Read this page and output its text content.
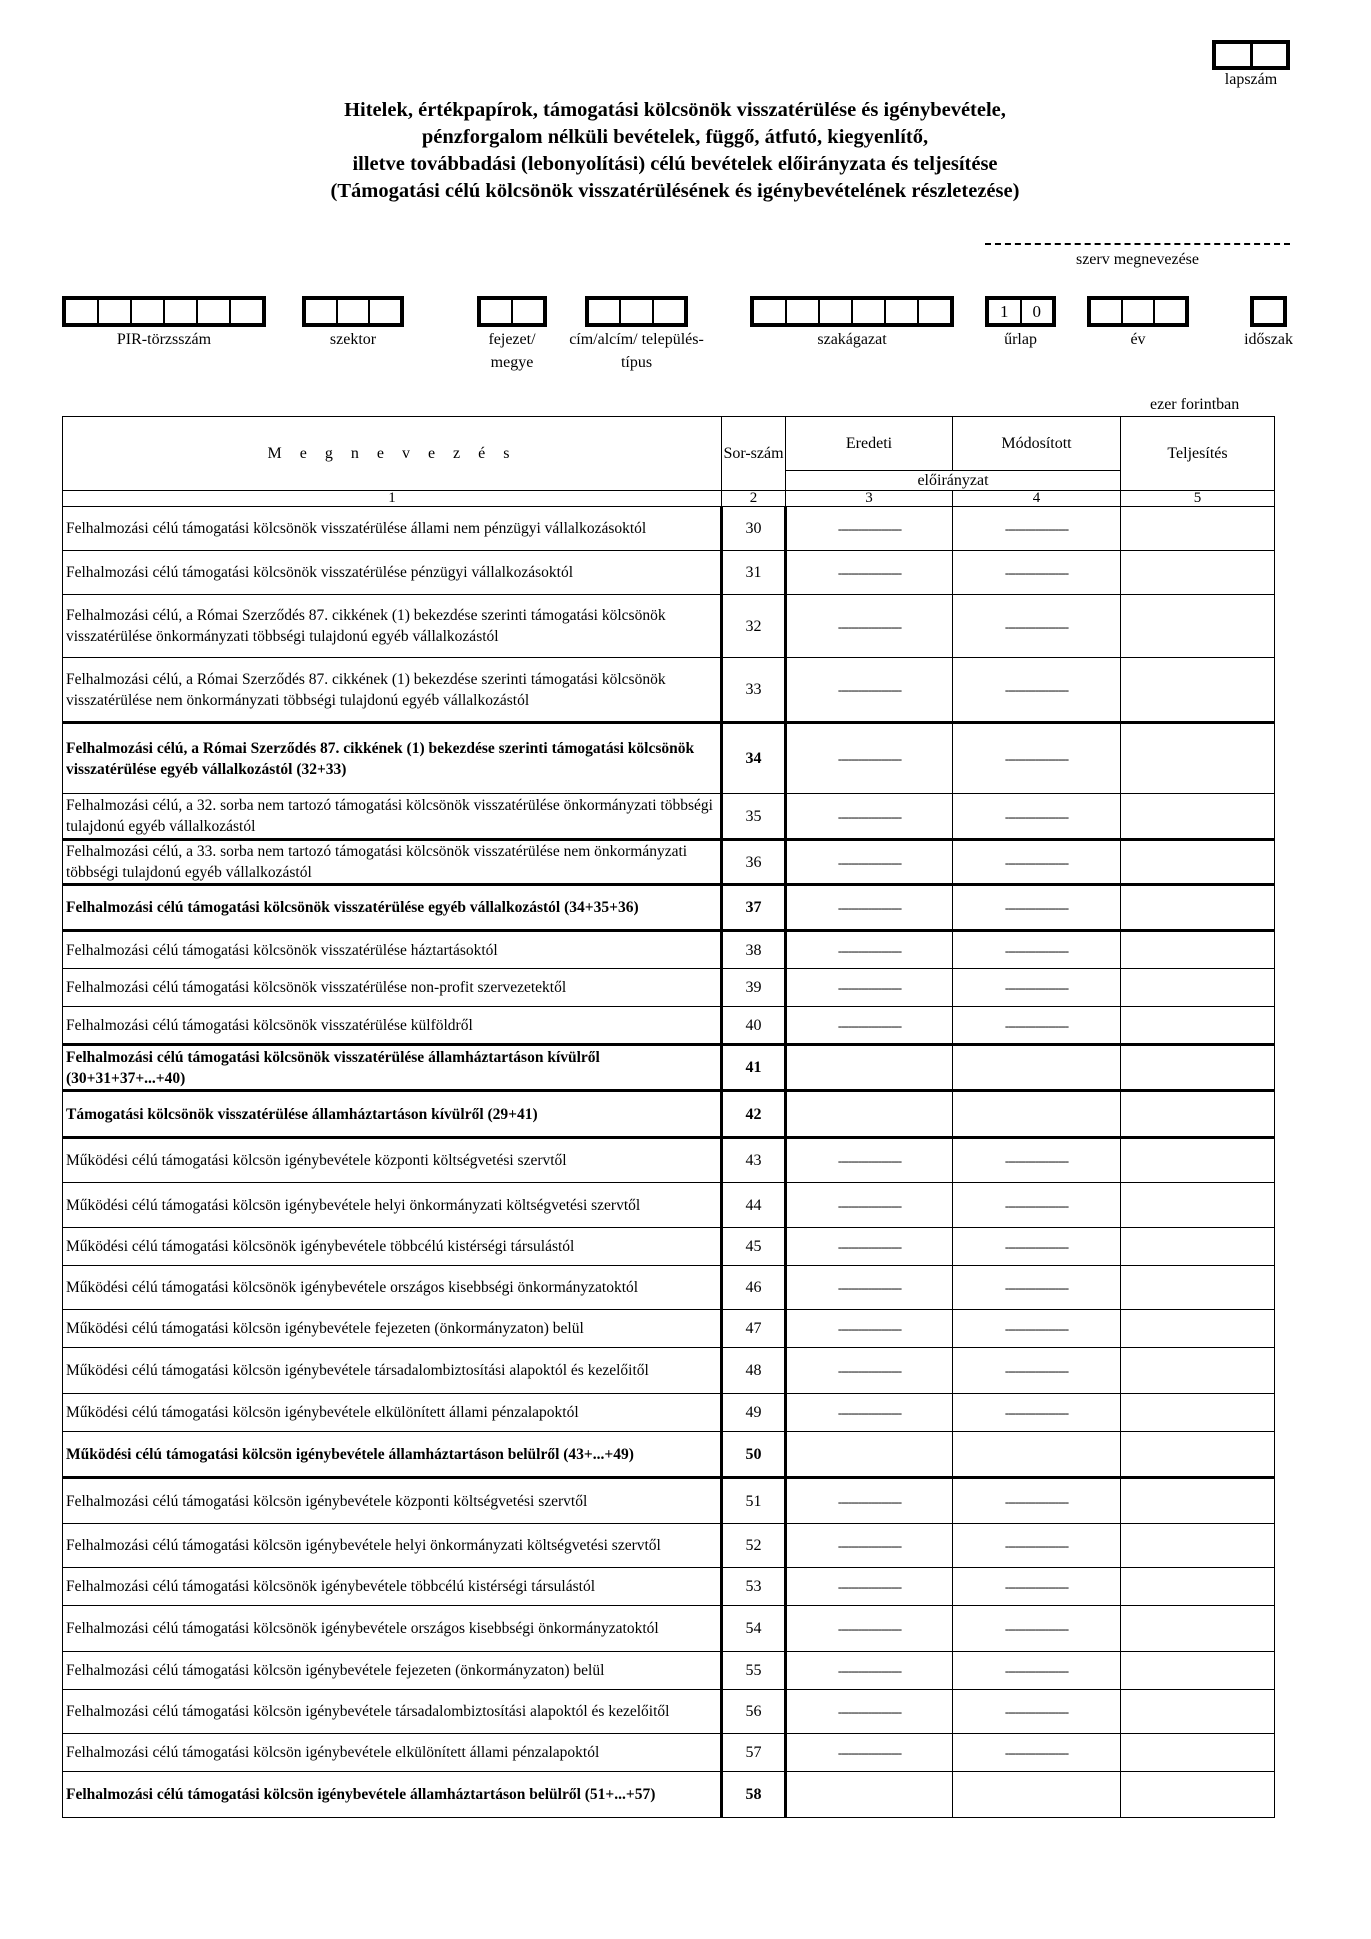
lapszám
Hitelek, értékpapírok, támogatási kölcsönök visszatérülése és igénybevétele,
pénzforgalom nélküli bevételek, függő, átfutó, kiegyenlítő,
illetve továbbadási (lebonyolítási) célú bevételek előirányzata és teljesítése
(Támogatási célú kölcsönök visszatérülésének és igénybevételének részletezése)
szerv megnevezése
PIR-törzsszám	szektor	fejezet/ megye
cím/alcím/ település-típus
szakágazat
1	0
űrlap	év	időszak
ezer forintban
M e g n e v e z é s	Sor-szám	Eredeti	Módosított	Teljesítés
		előirányzat		
1	2	3	4	5
Felhalmozási célú támogatási kölcsönök visszatérülése állami nem pénzügyi vállalkozásoktól	30	-------------------	-------------------	
Felhalmozási célú támogatási kölcsönök visszatérülése pénzügyi vállalkozásoktól	31	-------------------	-------------------	
Felhalmozási célú, a Római Szerződés 87. cikkének (1) bekezdése szerinti támogatási kölcsönök visszatérülése önkormányzati többségi tulajdonú egyéb vállalkozástól	32	-------------------	-------------------	
Felhalmozási célú, a Római Szerződés 87. cikkének (1) bekezdése szerinti támogatási kölcsönök visszatérülése nem önkormányzati többségi tulajdonú egyéb vállalkozástól	33	-------------------	-------------------	
Felhalmozási célú, a Római Szerződés 87. cikkének (1) bekezdése szerinti támogatási kölcsönök visszatérülése egyéb vállalkozástól (32+33)	34	-------------------	-------------------	
Felhalmozási célú, a 32. sorba nem tartozó támogatási kölcsönök visszatérülése önkormányzati többségi tulajdonú egyéb vállalkozástól	35	-------------------	-------------------	
Felhalmozási célú, a 33. sorba nem tartozó támogatási kölcsönök visszatérülése nem önkormányzati többségi tulajdonú egyéb vállalkozástól	36	-------------------	-------------------	
Felhalmozási célú támogatási kölcsönök visszatérülése egyéb vállalkozástól (34+35+36)	37	-------------------	-------------------	
Felhalmozási célú támogatási kölcsönök visszatérülése háztartásoktól	38	-------------------	-------------------	
Felhalmozási célú támogatási kölcsönök visszatérülése non-profit szervezetektől	39	-------------------	-------------------	
Felhalmozási célú támogatási kölcsönök visszatérülése külföldről	40	-------------------	-------------------	
Felhalmozási célú támogatási kölcsönök visszatérülése államháztartáson kívülről (30+31+37+...+40)	41			
Támogatási kölcsönök visszatérülése államháztartáson kívülről (29+41)	42			
Működési célú támogatási kölcsön igénybevétele központi költségvetési szervtől	43	-------------------	-------------------	
Működési célú támogatási kölcsön igénybevétele helyi önkormányzati költségvetési szervtől	44	-------------------	-------------------	
Működési célú támogatási kölcsönök igénybevétele többcélú kistérségi társulástól	45	-------------------	-------------------	
Működési célú támogatási kölcsönök igénybevétele országos kisebbségi önkormányzatoktól	46	-------------------	-------------------	
Működési célú támogatási kölcsön igénybevétele fejezeten (önkormányzaton) belül	47	-------------------	-------------------	
Működési célú támogatási kölcsön igénybevétele társadalombiztosítási alapoktól és kezelőitől	48	-------------------	-------------------	
Működési célú támogatási kölcsön igénybevétele elkülönített állami pénzalapoktól	49	-------------------	-------------------	
Működési célú támogatási kölcsön igénybevétele államháztartáson belülről (43+...+49)	50			
Felhalmozási célú támogatási kölcsön igénybevétele központi költségvetési szervtől	51	-------------------	-------------------	
Felhalmozási célú támogatási kölcsön igénybevétele helyi önkormányzati költségvetési szervtől	52	-------------------	-------------------	
Felhalmozási célú támogatási kölcsönök igénybevétele többcélú kistérségi társulástól	53	-------------------	-------------------	
Felhalmozási célú támogatási kölcsönök igénybevétele országos kisebbségi önkormányzatoktól	54	-------------------	-------------------	
Felhalmozási célú támogatási kölcsön igénybevétele fejezeten (önkormányzaton) belül	55	-------------------	-------------------	
Felhalmozási célú támogatási kölcsön igénybevétele társadalombiztosítási alapoktól és kezelőitől	56	-------------------	-------------------	
Felhalmozási célú támogatási kölcsön igénybevétele elkülönített állami pénzalapoktól	57	-------------------	-------------------	
Felhalmozási célú támogatási kölcsön igénybevétele államháztartáson belülről (51+...+57)	58			
